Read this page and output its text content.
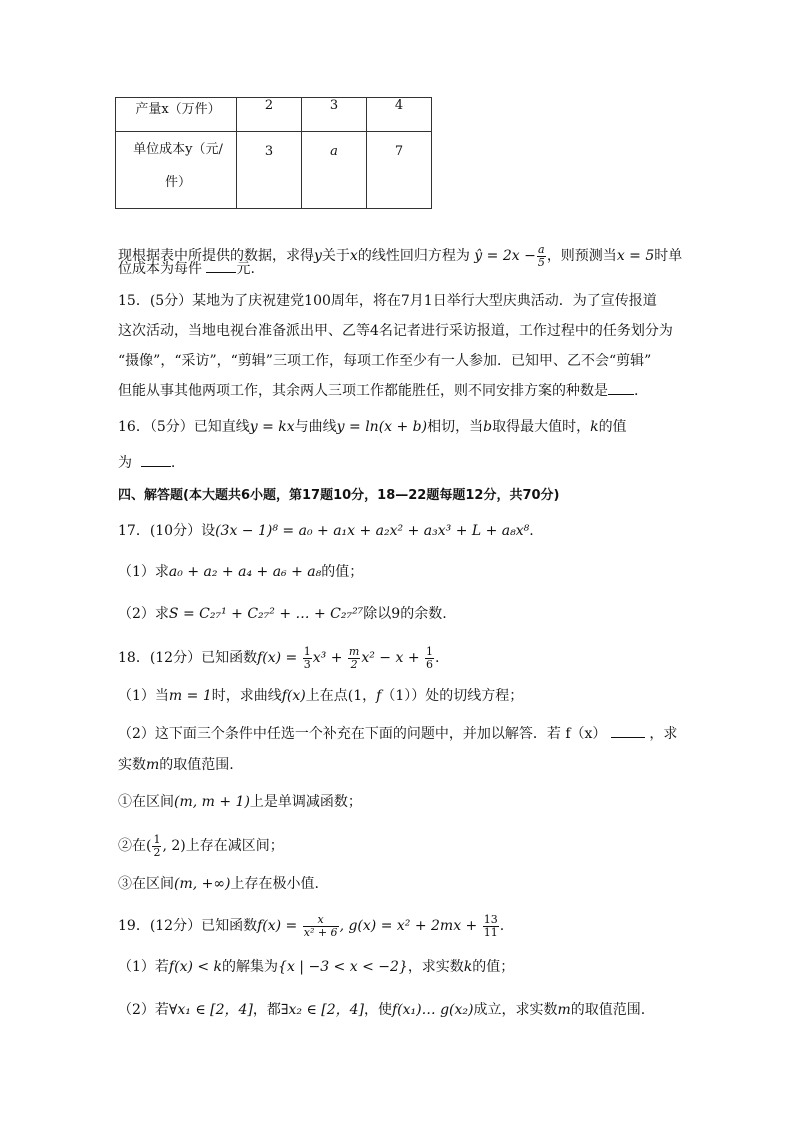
产量x（万件）	2	3	4

单位成本y（元/
件）	3	a	7
现根据表中所提供的数据，求得y关于x的线性回归方程为 ŷ = $2x - \frac{a}{5}$ ，则预测当x = 5时单
位成本为每件 元.
15．(5分）某地为了庆祝建党100周年，将在7月1日举行大型庆典活动．为了宣传报道
这次活动，当地电视台准备派出甲、乙等4名记者进行采访报道，工作过程中的任务划分为
“摄像”，“采访”，“剪辑”三项工作，每项工作至少有一人参加．已知甲、乙不会“剪辑”
但能从事其他两项工作，其余两人三项工作都能胜任，则不同安排方案的种数是 .
16．（5分）已知直线y = kx与曲线y = ln(x + b)相切，当b取得最大值时，k的值
为	.
四、解答题(本大题共6小题，第17题10分，18—22题每题12分，共70分)
17．(10分）设(3x − 1)⁸ = a₀ + a₁x + a₂x² + a₃x³ + L + a₈x⁸.
（1）求a₀ + a₂ + a₄ + a₆ + a₈的值；
（2）求S = C₂₇¹ + C₂₇² + … + C₂₇²⁷除以9的余数.
18．(12分）已知函数$f(x) = \frac{1}{3} x^3 + \frac{m}{2} x^2 - x + \frac{1}{6}$ .
（1）当m = 1时，求曲线f(x)上在点(1，f（1））处的切线方程；
（2）这下面三个条件中任选一个补充在下面的问题中，并加以解答．若 f（x）	，求
实数m的取值范围.
①在区间(m, m + 1)上是单调减函数；
②在( $\frac{1}{2}$ , 2)上存在减区间；
③在区间(m, +∞)上存在极小值.
19．(12分）已知函数$f(x) = \frac{x}{\text{x² + 6}}$ , $g(x) = x^2 + 2mx + \frac{13}{11}$ .
（1）若f(x) < k的解集为{x | −3 < x < −2}，求实数k的值；
（2）若∀x₁ ∈ [2，4]，都∃x₂ ∈ [2，4]，使f(x₁)… g(x₂)成立，求实数m的取值范围.
